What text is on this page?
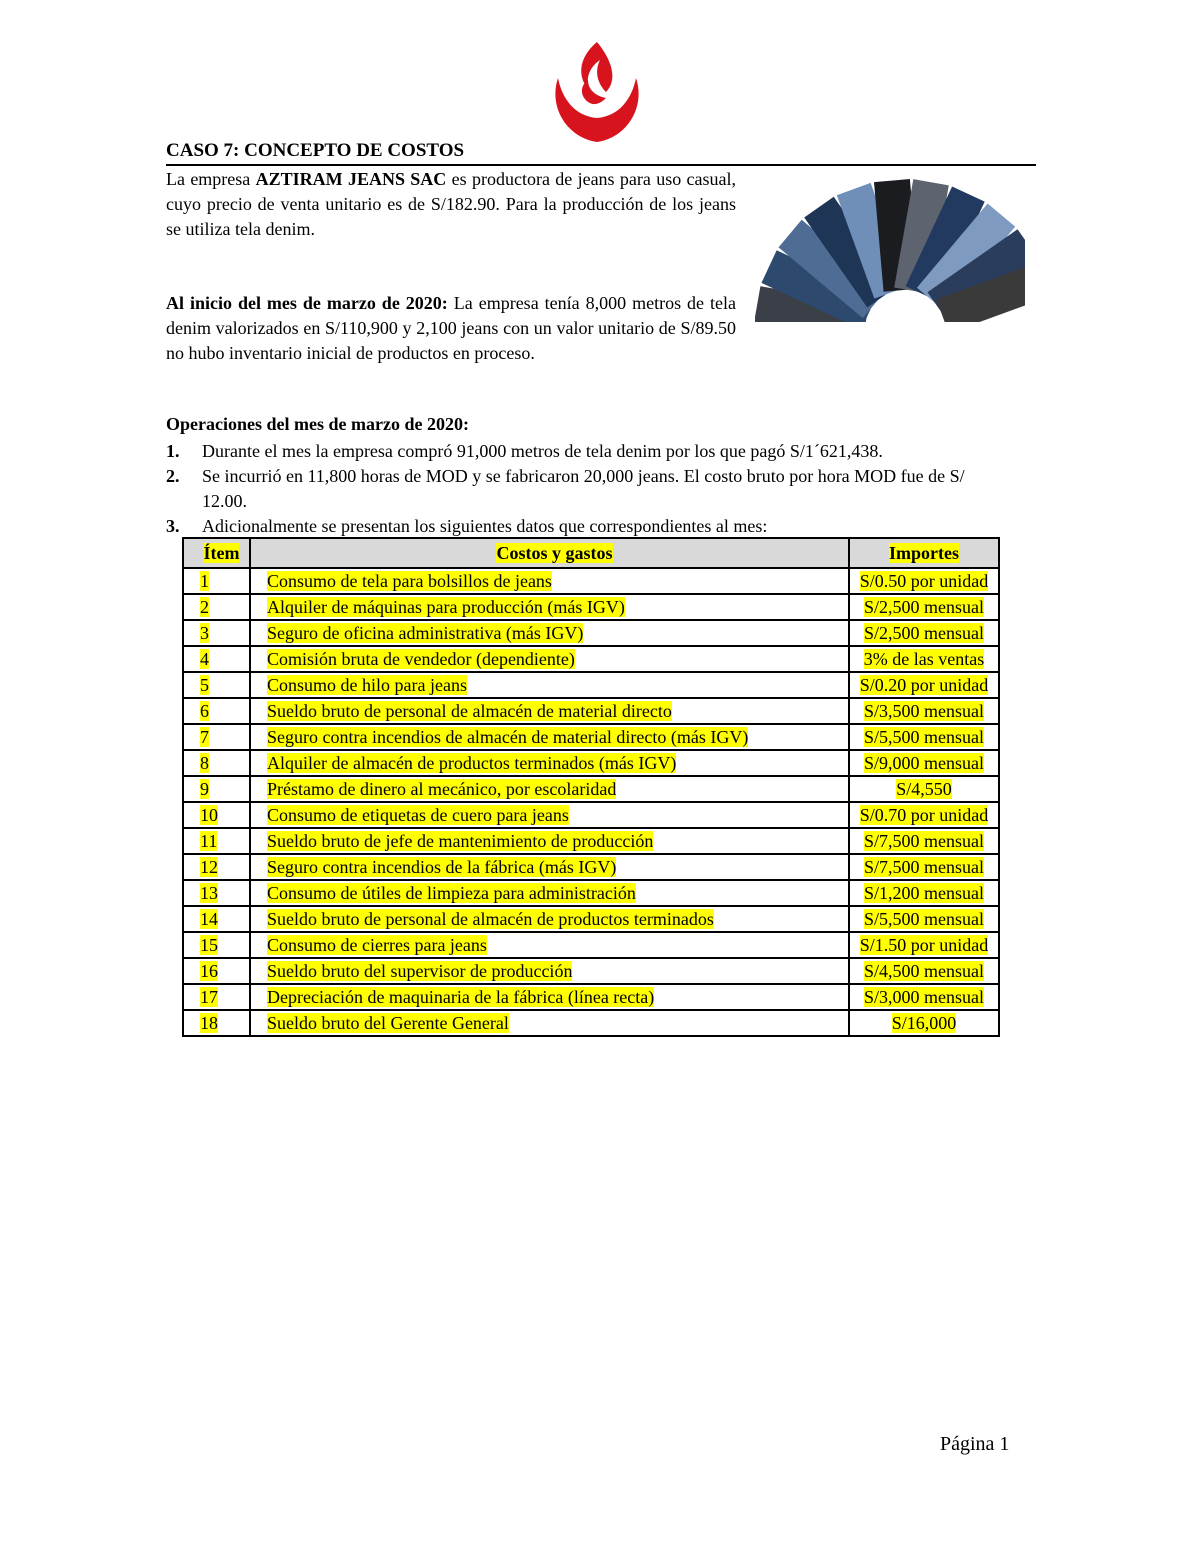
CASO 7: CONCEPTO DE COSTOS
La empresa AZTIRAM JEANS SAC es productora de jeans para uso casual, cuyo precio de venta unitario es de S/182.90. Para la producción de los jeans se utiliza tela denim.
Al inicio del mes de marzo de 2020: La empresa tenía 8,000 metros de tela denim valorizados en S/110,900 y 2,100 jeans con un valor unitario de S/89.50 no hubo inventario inicial de productos en proceso.
Operaciones del mes de marzo de 2020:
1.	Durante el mes la empresa compró 91,000 metros de tela denim por los que pagó S/1´621,438.
2.	Se incurrió en 11,800 horas de MOD y se fabricaron 20,000 jeans. El costo bruto por hora MOD fue de S/ 12.00.
3.	Adicionalmente se presentan los siguientes datos que correspondientes al mes:
Ítem	Costos y gastos	Importes
1	Consumo de tela para bolsillos de jeans	S/0.50 por unidad
2	Alquiler de máquinas para producción (más IGV)	S/2,500 mensual
3	Seguro de oficina administrativa (más IGV)	S/2,500 mensual
4	Comisión bruta de vendedor (dependiente)	3% de las ventas
5	Consumo de hilo para jeans	S/0.20 por unidad
6	Sueldo bruto de personal de almacén de material directo	S/3,500 mensual
7	Seguro contra incendios de almacén de material directo (más IGV)	S/5,500 mensual
8	Alquiler de almacén de productos terminados (más IGV)	S/9,000 mensual
9	Préstamo de dinero al mecánico, por escolaridad	S/4,550
10	Consumo de etiquetas de cuero para jeans	S/0.70 por unidad
11	Sueldo bruto de jefe de mantenimiento de producción	S/7,500 mensual
12	Seguro contra incendios de la fábrica (más IGV)	S/7,500 mensual
13	Consumo de útiles de limpieza para administración	S/1,200 mensual
14	Sueldo bruto de personal de almacén de productos terminados	S/5,500 mensual
15	Consumo de cierres para jeans	S/1.50 por unidad
16	Sueldo bruto del supervisor de producción	S/4,500 mensual
17	Depreciación de maquinaria de la fábrica (línea recta)	S/3,000 mensual
18	Sueldo bruto del Gerente General	S/16,000
Página 1
